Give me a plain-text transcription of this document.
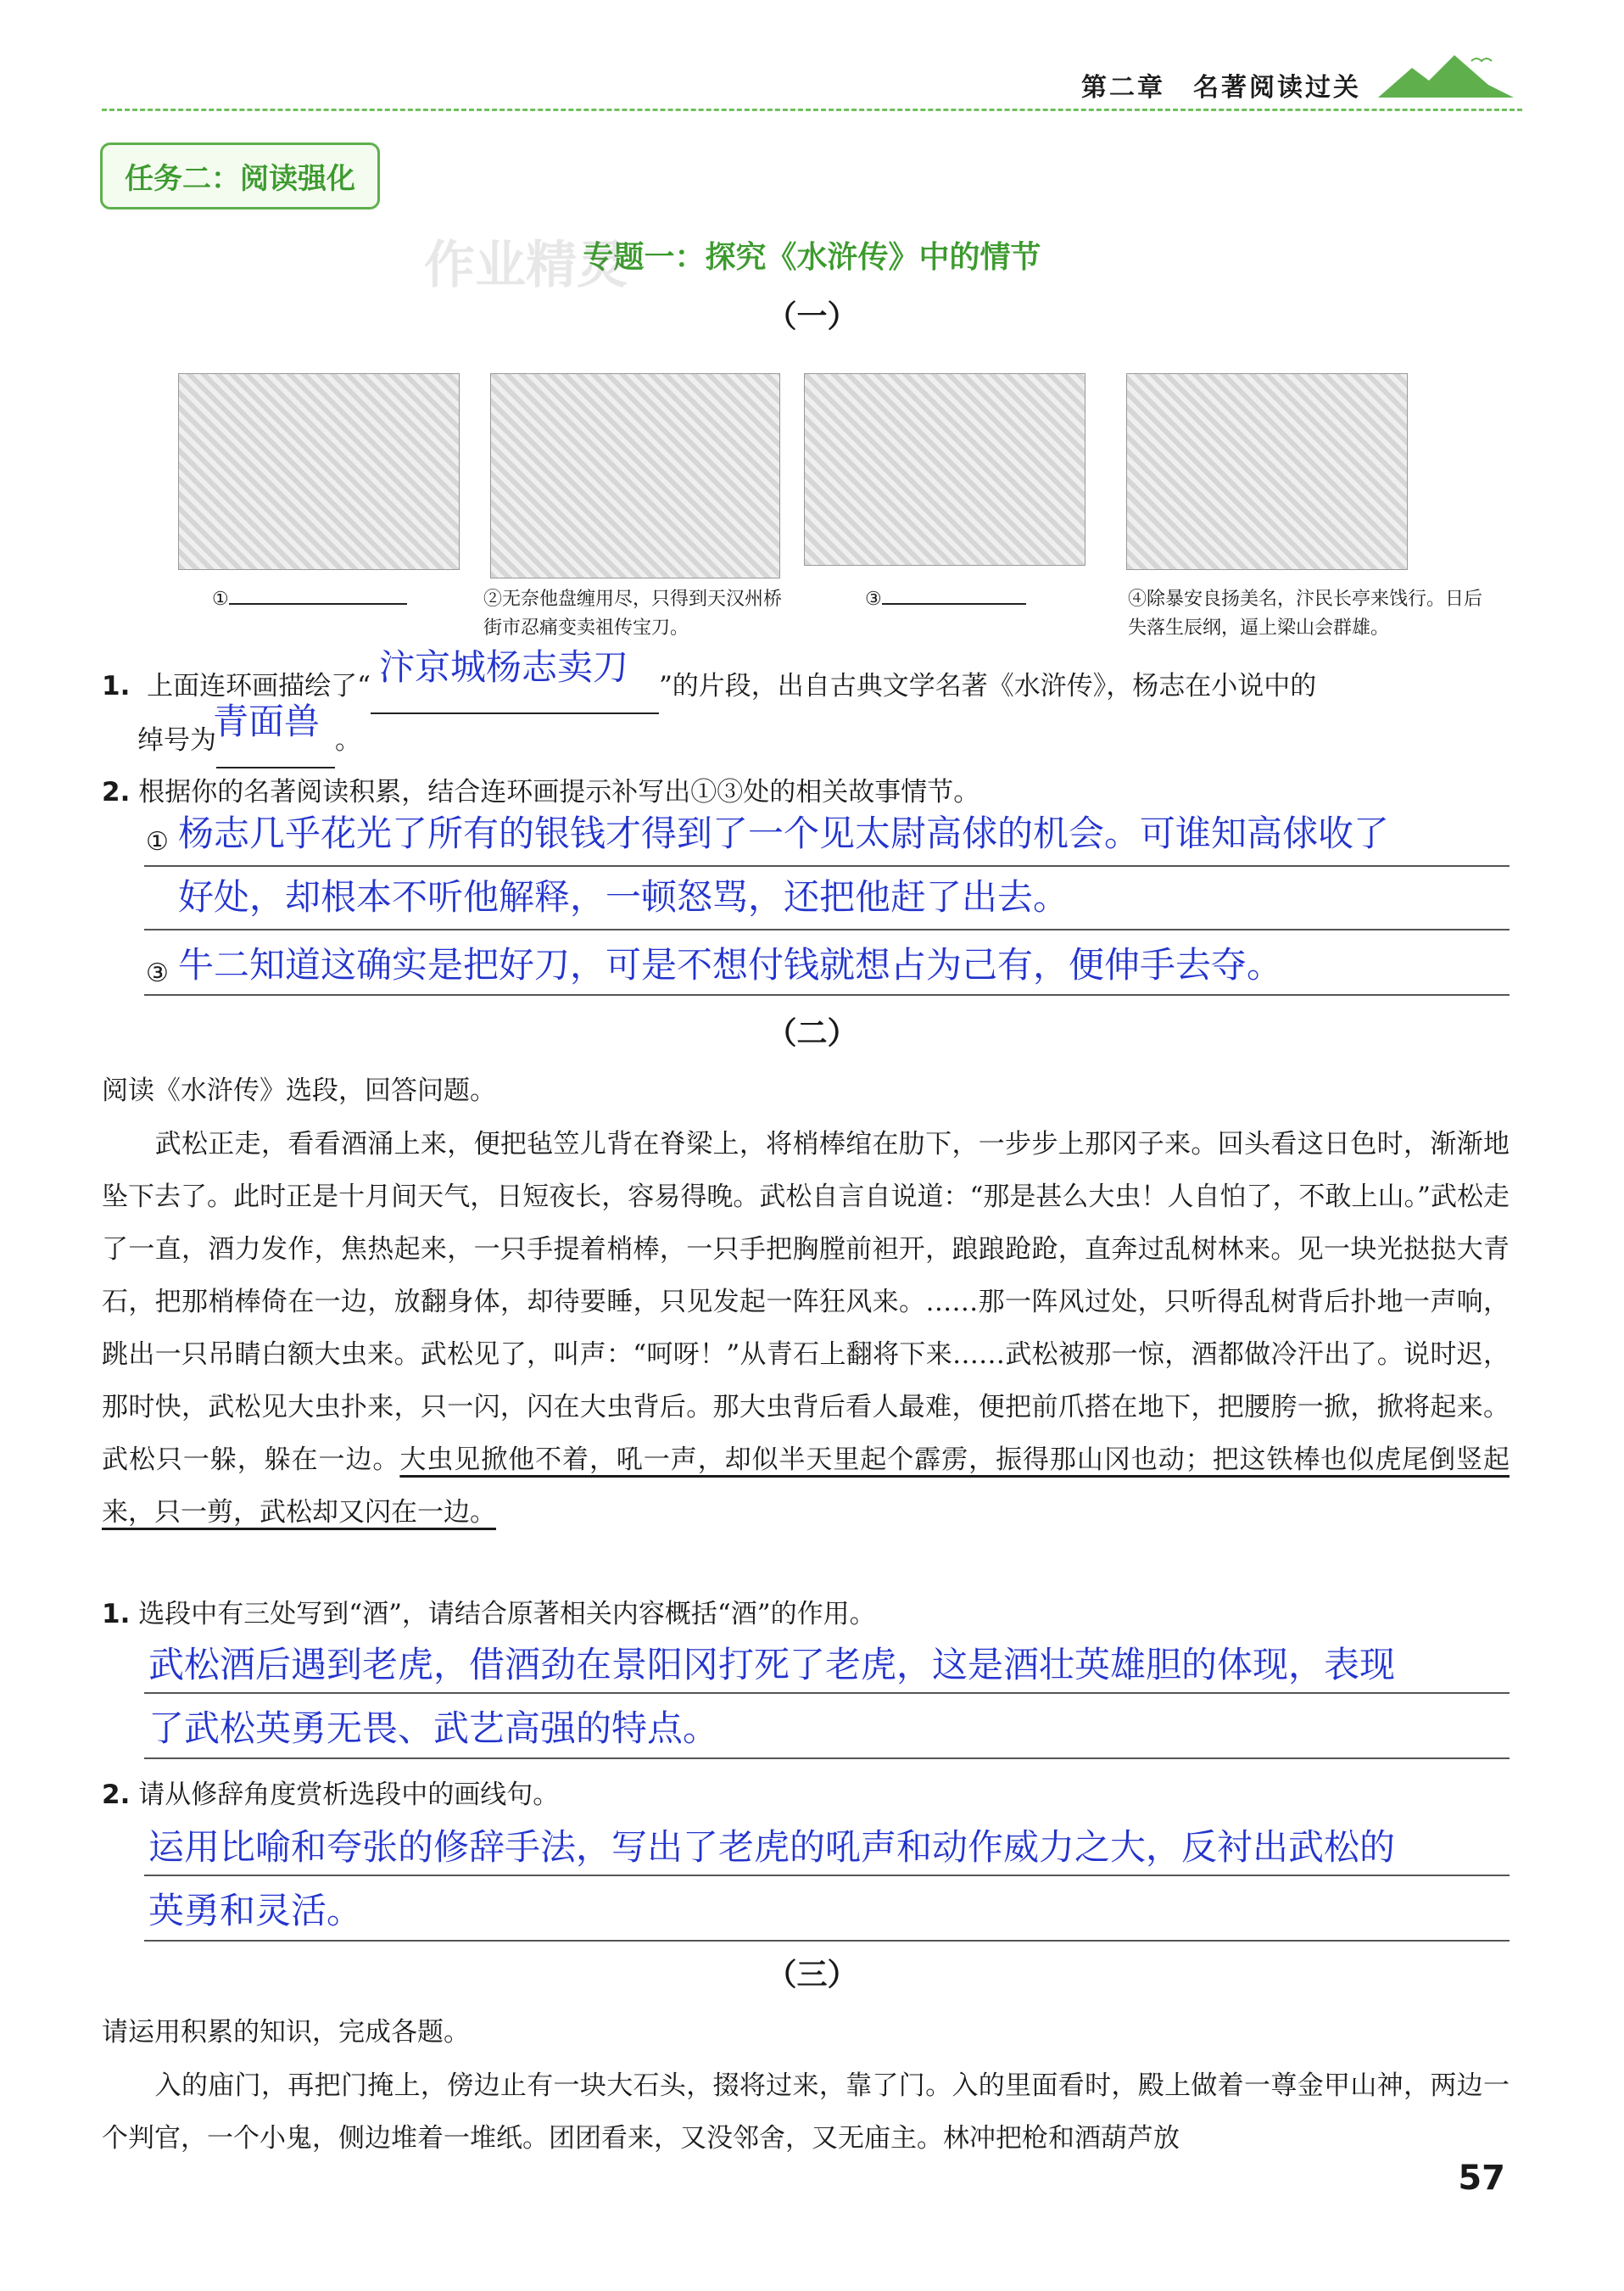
第二章　名著阅读过关
任务二：阅读强化
专题一：探究《水浒传》中的情节
作业精灵
（一）
①	②无奈他盘缠用尽，只得到天汉州桥街市忍痛变卖祖传宝刀。
③	④除暴安良扬美名，汴民长亭来饯行。日后失落生辰纲，逼上梁山会群雄。
1. 上面连环画描绘了“ 汴京城杨志卖刀 ”的片段，出自古典文学名著《水浒传》，杨志在小说中的
绰号为
青面兽 。
2. 根据你的名著阅读积累，结合连环画提示补写出①③处的相关故事情节。
① 杨志几乎花光了所有的银钱才得到了一个见太尉高俅的机会。可谁知高俅收了
好处，却根本不听他解释，一顿怒骂，还把他赶了出去。
③ 牛二知道这确实是把好刀，可是不想付钱就想占为己有，便伸手去夺。
（二）
阅读《水浒传》选段，回答问题。
　　武松正走，看看酒涌上来，便把毡笠儿背在脊梁上，将梢棒绾在肋下，一步步上那冈子来。回头看这日色时，渐渐地坠下去了。此时正是十月间天气，日短夜长，容易得晚。武松自言自说道：“那是甚么大虫！人自怕了，不敢上山。”武松走了一直，酒力发作，焦热起来，一只手提着梢棒，一只手把胸膛前袒开，踉踉跄跄，直奔过乱树林来。见一块光挞挞大青石，把那梢棒倚在一边，放翻身体，却待要睡，只见发起一阵狂风来。……那一阵风过处，只听得乱树背后扑地一声响，跳出一只吊睛白额大虫来。武松见了，叫声：“呵呀！”从青石上翻将下来……武松被那一惊，酒都做冷汗出了。说时迟，那时快，武松见大虫扑来，只一闪，闪在大虫背后。那大虫背后看人最难，便把前爪搭在地下，把腰胯一掀，掀将起来。武松只一躲，躲在一边。大虫见掀他不着，吼一声，却似半天里起个霹雳，振得那山冈也动；把这铁棒也似虎尾倒竖起来，只一剪，武松却又闪在一边。
1. 选段中有三处写到“酒”，请结合原著相关内容概括“酒”的作用。
武松酒后遇到老虎，借酒劲在景阳冈打死了老虎，这是酒壮英雄胆的体现，表现
了武松英勇无畏、武艺高强的特点。
2. 请从修辞角度赏析选段中的画线句。
运用比喻和夸张的修辞手法，写出了老虎的吼声和动作威力之大，反衬出武松的
英勇和灵活。
（三）
请运用积累的知识，完成各题。
　　入的庙门，再把门掩上，傍边止有一块大石头，掇将过来，靠了门。入的里面看时，殿上做着一尊金甲山神，两边一个判官，一个小鬼，侧边堆着一堆纸。团团看来，又没邻舍，又无庙主。林冲把枪和酒葫芦放
57
